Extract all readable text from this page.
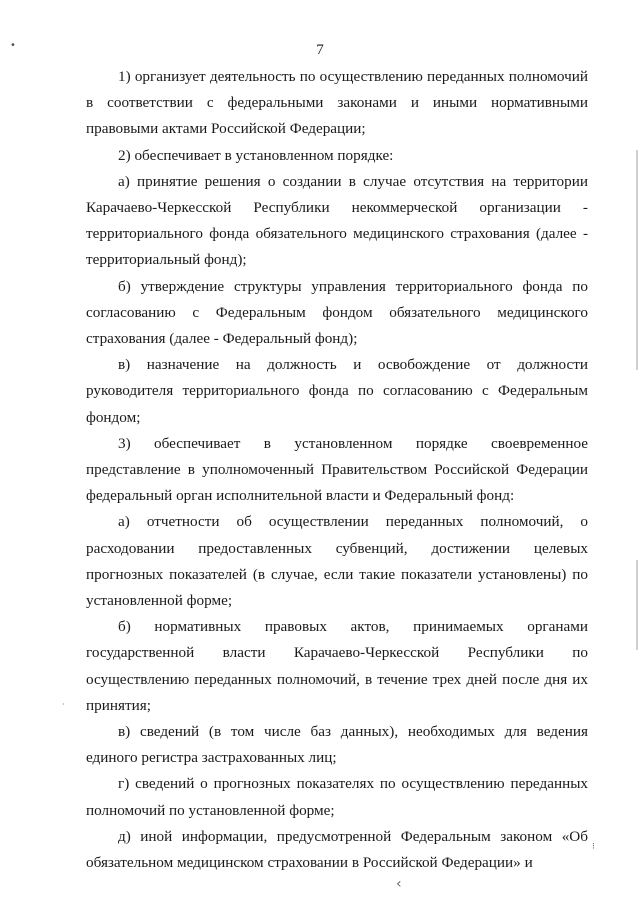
•	7

1) организует деятельность по осуществлению переданных полномочий в соответствии с федеральными законами и иными нормативными правовыми актами Российской Федерации;

2) обеспечивает в установленном порядке:

а) принятие решения о создании в случае отсутствия на территории Карачаево-Черкесской Республики некоммерческой организации - территориального фонда обязательного медицинского страхования (далее - территориальный фонд);

б) утверждение структуры управления территориального фонда по согласованию с Федеральным фондом обязательного медицинского страхования (далее - Федеральный фонд);

в) назначение на должность и освобождение от должности руководителя территориального фонда по согласованию с Федеральным фондом;

3) обеспечивает в установленном порядке своевременное представление в уполномоченный Правительством Российской Федерации федеральный орган исполнительной власти и Федеральный фонд:

а) отчетности об осуществлении переданных полномочий, о расходовании предоставленных субвенций, достижении целевых прогнозных показателей (в случае, если такие показатели установлены) по установленной форме;

б) нормативных правовых актов, принимаемых органами государственной власти Карачаево-Черкесской Республики по осуществлению переданных полномочий, в течение трех дней после дня их принятия;

в) сведений (в том числе баз данных), необходимых для ведения единого регистра застрахованных лиц;

г) сведений о прогнозных показателях по осуществлению переданных полномочий по установленной форме;

д) иной информации, предусмотренной Федеральным законом «Об обязательном медицинском страховании в Российской Федерации» и

·
⁝
‹
